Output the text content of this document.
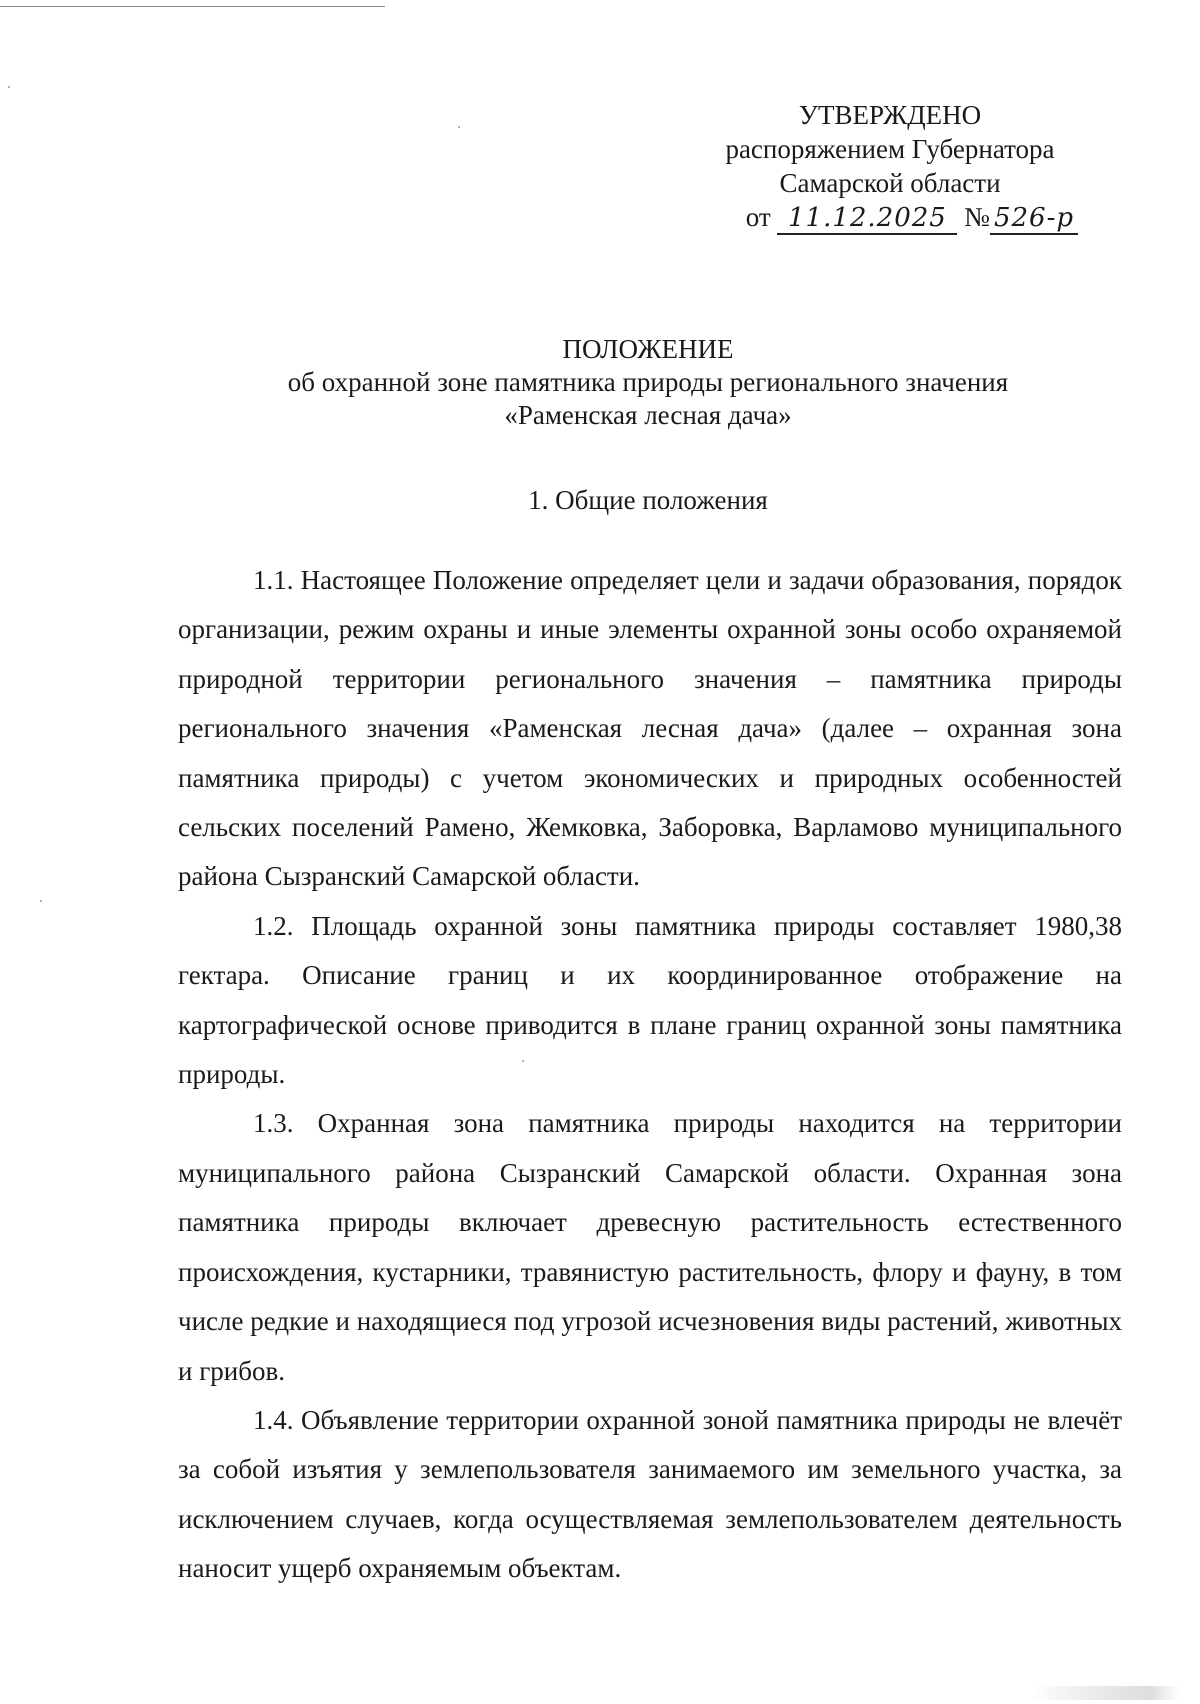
УТВЕРЖДЕНО
распоряжением Губернатора
Самарской области
от 11.12.2025 № 526-р
ПОЛОЖЕНИЕ
об охранной зоне памятника природы регионального значения
«Раменская лесная дача»
1. Общие положения

1.1. Настоящее Положение определяет цели и задачи образования, порядок организации, режим охраны и иные элементы охранной зоны особо охраняемой природной территории регионального значения – памятника природы регионального значения «Раменская лесная дача» (далее – охранная зона памятника природы) с учетом экономических и природных особенностей сельских поселений Рамено, Жемковка, Заборовка, Варламово муниципального района Сызранский Самарской области.

1.2. Площадь охранной зоны памятника природы составляет 1980,38 гектара. Описание границ и их координированное отображение на картографической основе приводится в плане границ охранной зоны памятника природы.

1.3. Охранная зона памятника природы находится на территории муниципального района Сызранский Самарской области. Охранная зона памятника природы включает древесную растительность естественного происхождения, кустарники, травянистую растительность, флору и фауну, в том числе редкие и находящиеся под угрозой исчезновения виды растений, животных и грибов.

1.4. Объявление территории охранной зоной памятника природы не влечёт за собой изъятия у землепользователя занимаемого им земельного участка, за исключением случаев, когда осуществляемая землепользователем деятельность наносит ущерб охраняемым объектам.
